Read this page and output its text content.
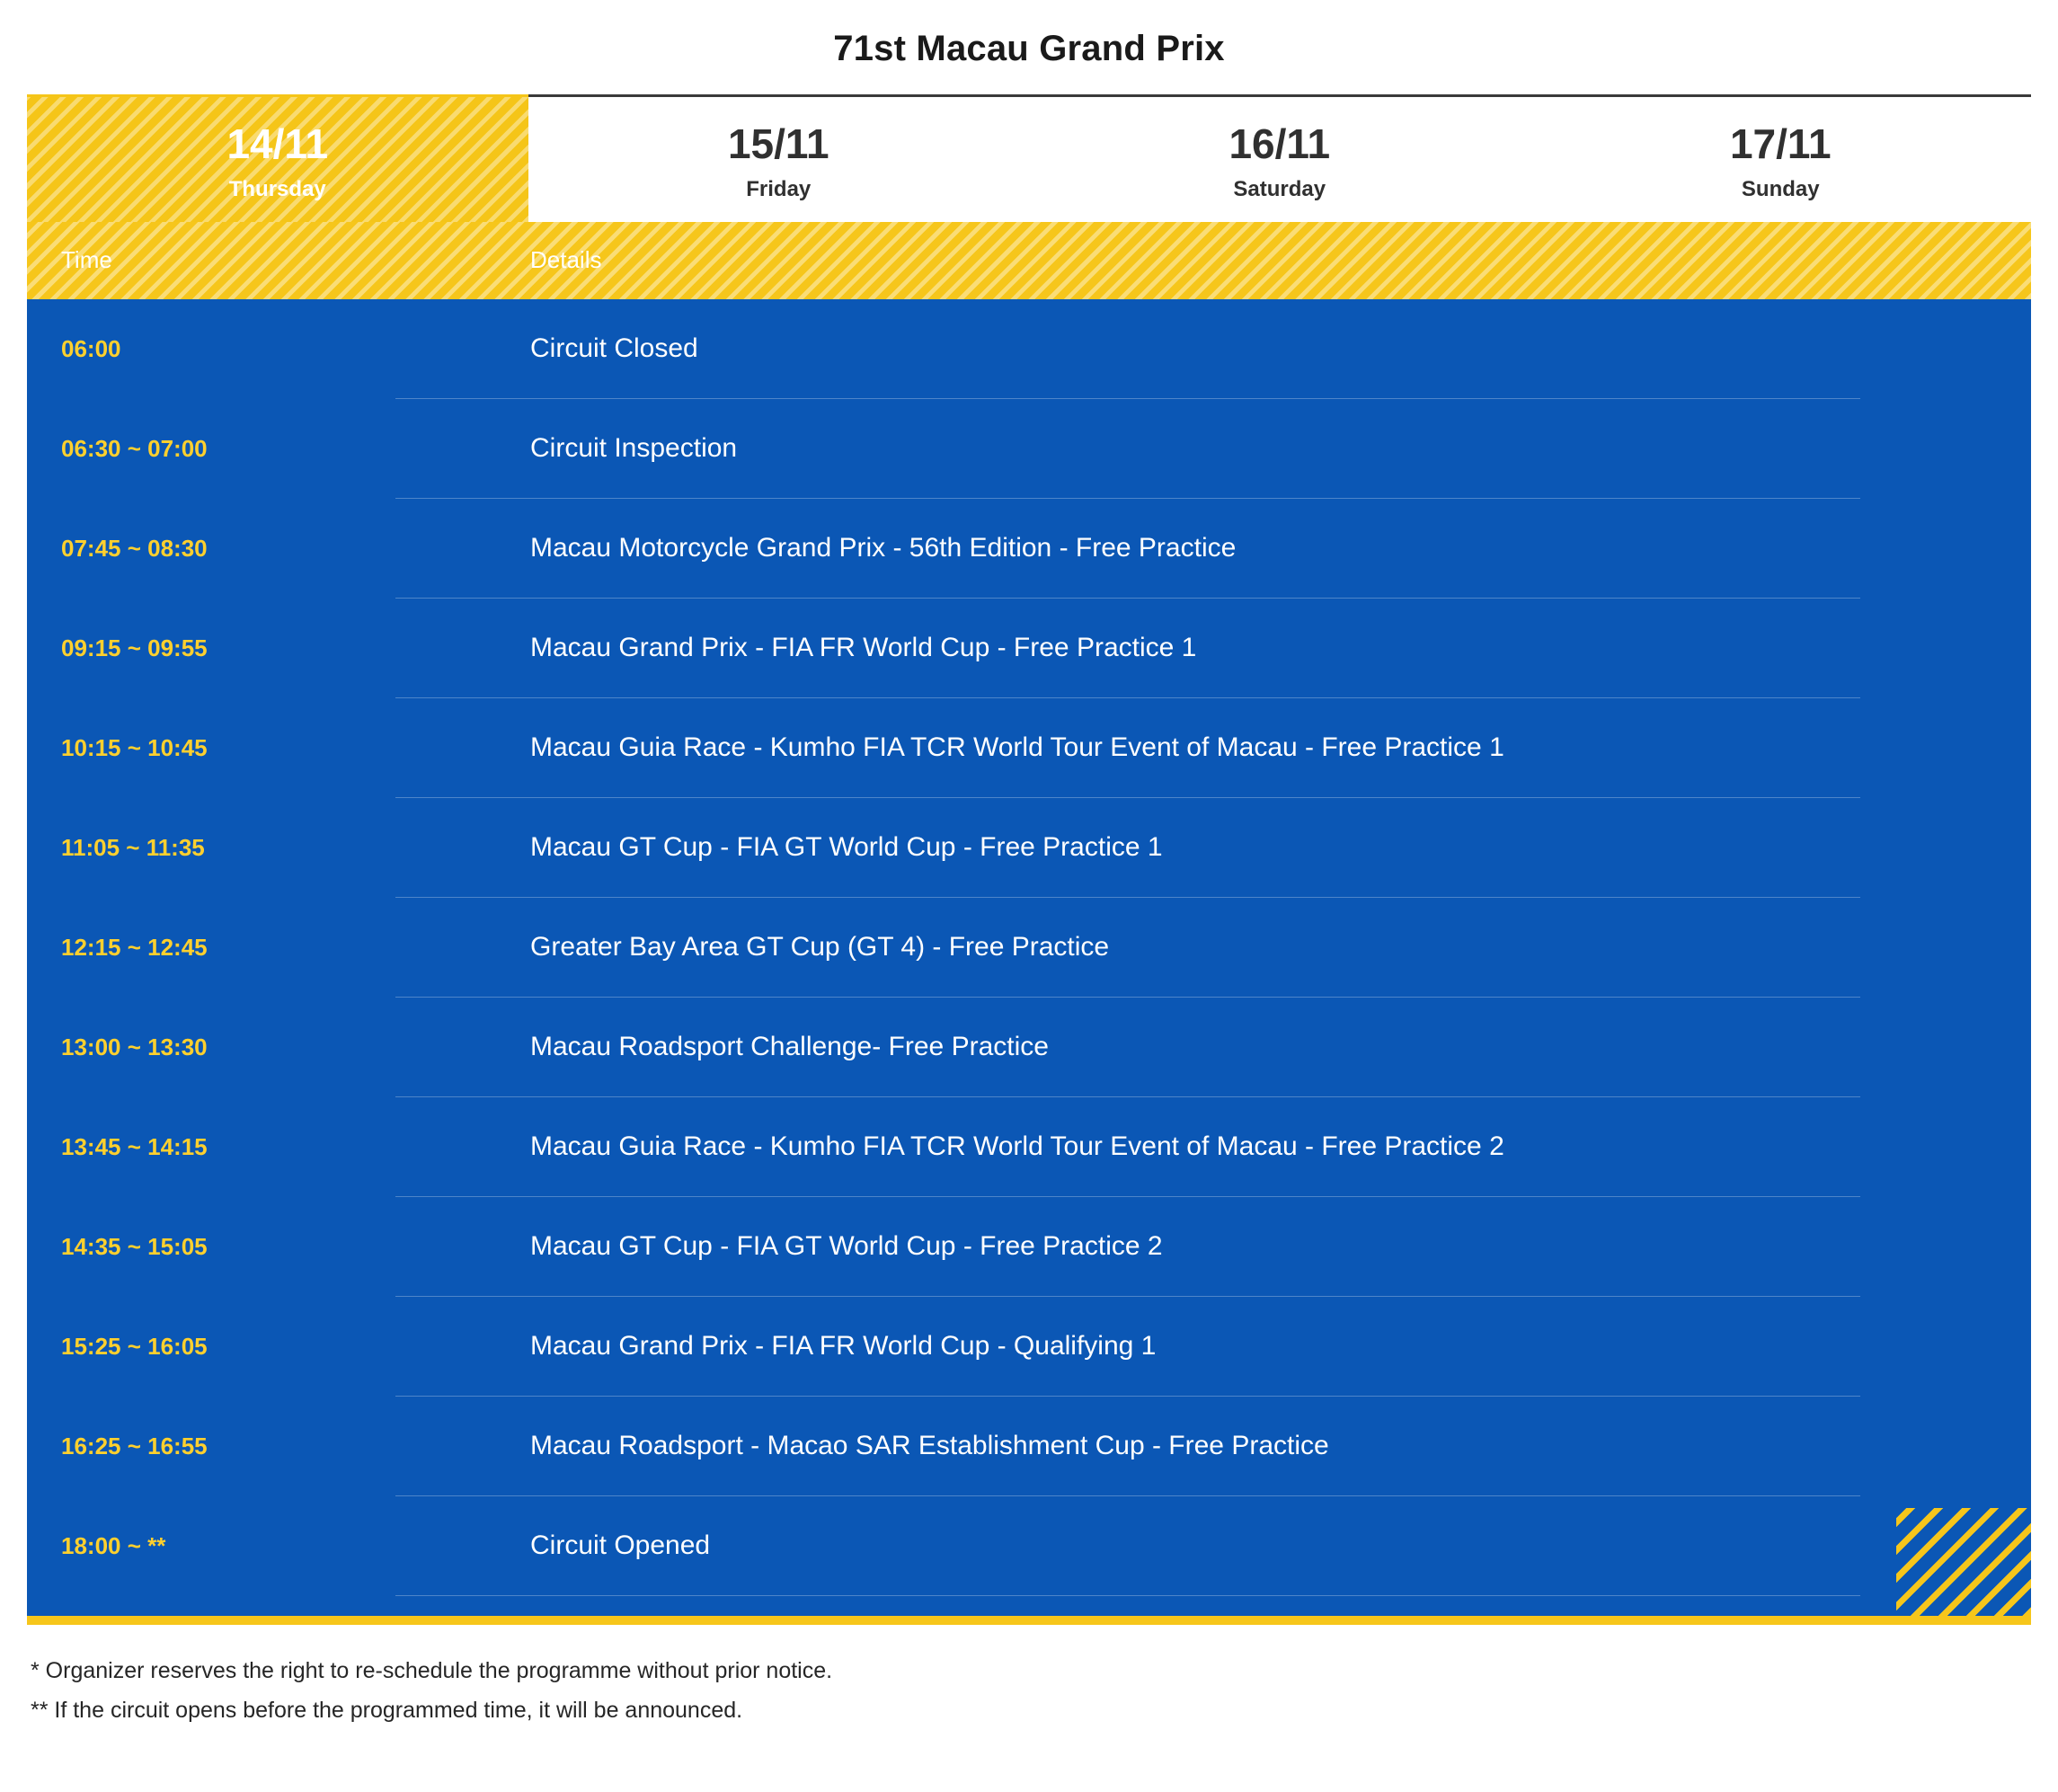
71st Macau Grand Prix
14/11
Thursday
15/11
Friday
16/11
Saturday
17/11
Sunday
Time	Details
06:00	Circuit Closed
06:30 ~ 07:00	Circuit Inspection
07:45 ~ 08:30	Macau Motorcycle Grand Prix - 56th Edition - Free Practice
09:15 ~ 09:55	Macau Grand Prix - FIA FR World Cup - Free Practice 1
10:15 ~ 10:45	Macau Guia Race - Kumho FIA TCR World Tour Event of Macau - Free Practice 1
11:05 ~ 11:35	Macau GT Cup - FIA GT World Cup - Free Practice 1
12:15 ~ 12:45	Greater Bay Area GT Cup (GT 4) - Free Practice
13:00 ~ 13:30	Macau Roadsport Challenge- Free Practice
13:45 ~ 14:15	Macau Guia Race - Kumho FIA TCR World Tour Event of Macau - Free Practice 2
14:35 ~ 15:05	Macau GT Cup - FIA GT World Cup - Free Practice 2
15:25 ~ 16:05	Macau Grand Prix - FIA FR World Cup - Qualifying 1
16:25 ~ 16:55	Macau Roadsport - Macao SAR Establishment Cup - Free Practice
18:00 ~ **	Circuit Opened
* Organizer reserves the right to re-schedule the programme without prior notice.
** If the circuit opens before the programmed time, it will be announced.
